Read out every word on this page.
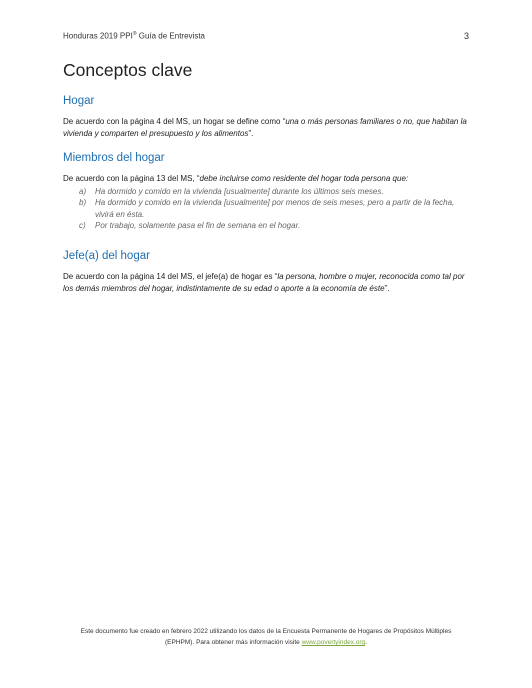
Honduras 2019 PPI® Guía de Entrevista	3
Conceptos clave
Hogar

De acuerdo con la página 4 del MS, un hogar se define como “una o más personas familiares o no, que habitan la vivienda y comparten el presupuesto y los alimentos”.

Miembros del hogar

De acuerdo con la página 13 del MS, “debe incluirse como residente del hogar toda persona que:

a)	Ha dormido y comido en la vivienda [usualmente] durante los últimos seis meses.
b)	Ha dormido y comido en la vivienda [usualmente] por menos de seis meses, pero a partir de la fecha, vivirá en ésta.
c)	Por trabajo, solamente pasa el fin de semana en el hogar.
Jefe(a) del hogar

De acuerdo con la página 14 del MS, el jefe(a) de hogar es “la persona, hombre o mujer, reconocida como tal por los demás miembros del hogar, indistintamente de su edad o aporte a la economía de éste”.

Este documento fue creado en febrero 2022 utilizando los datos de la Encuesta Permanente de Hogares de Propósitos Múltiples
(EPHPM). Para obtener más información visite www.povertyindex.org.
